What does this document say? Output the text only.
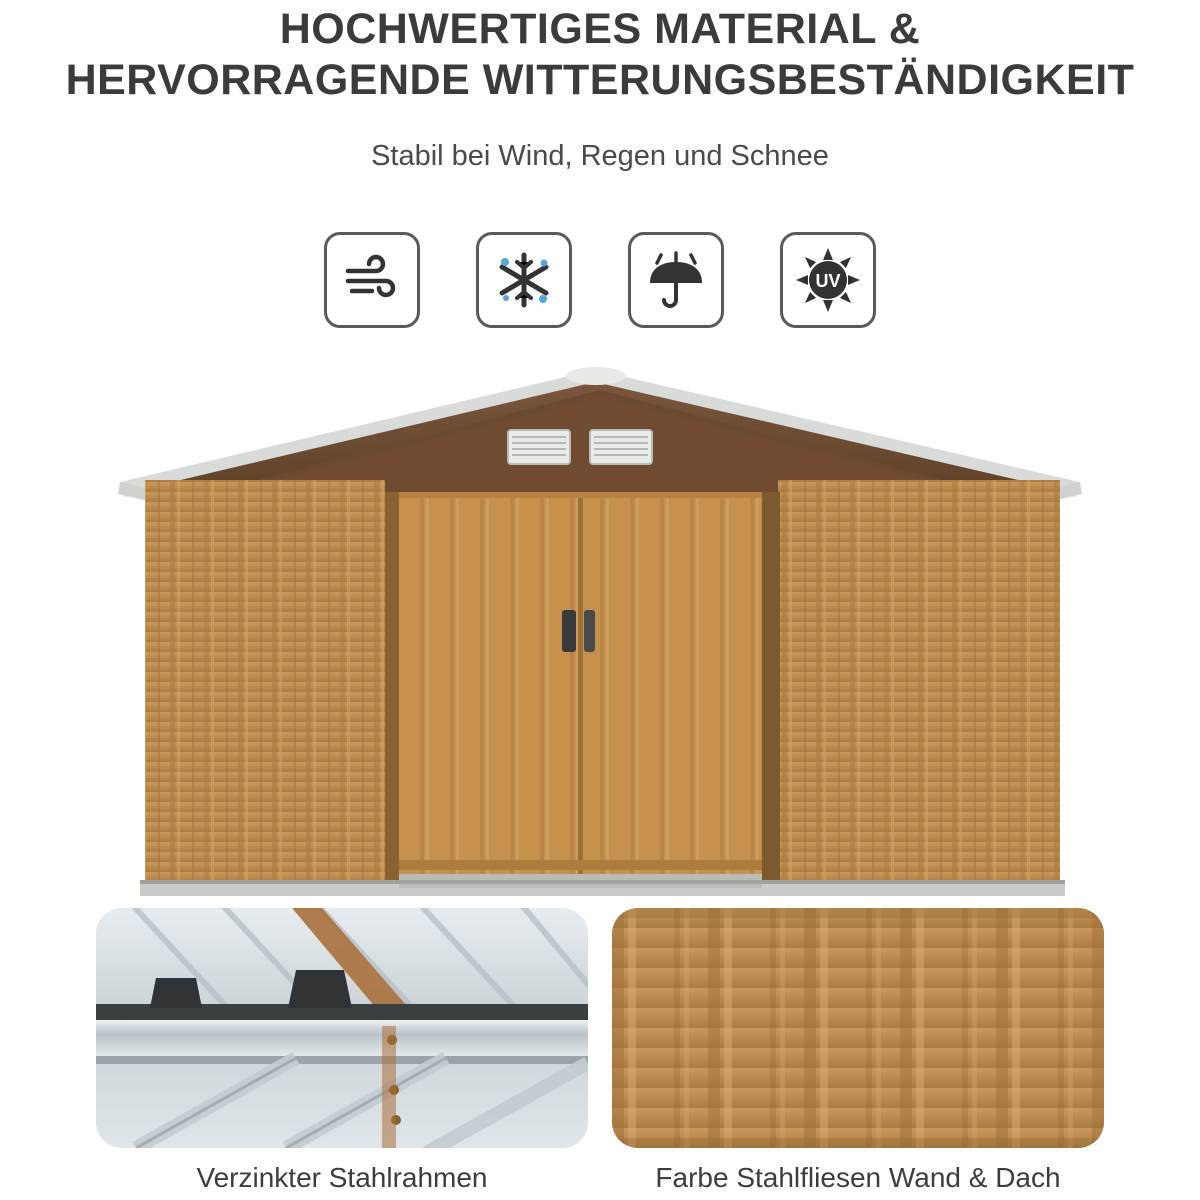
HOCHWERTIGES MATERIAL &
HERVORRAGENDE WITTERUNGSBESTÄNDIGKEIT
Stabil bei Wind, Regen und Schnee
UV
Verzinkter Stahlrahmen	Farbe Stahlfliesen Wand & Dach
